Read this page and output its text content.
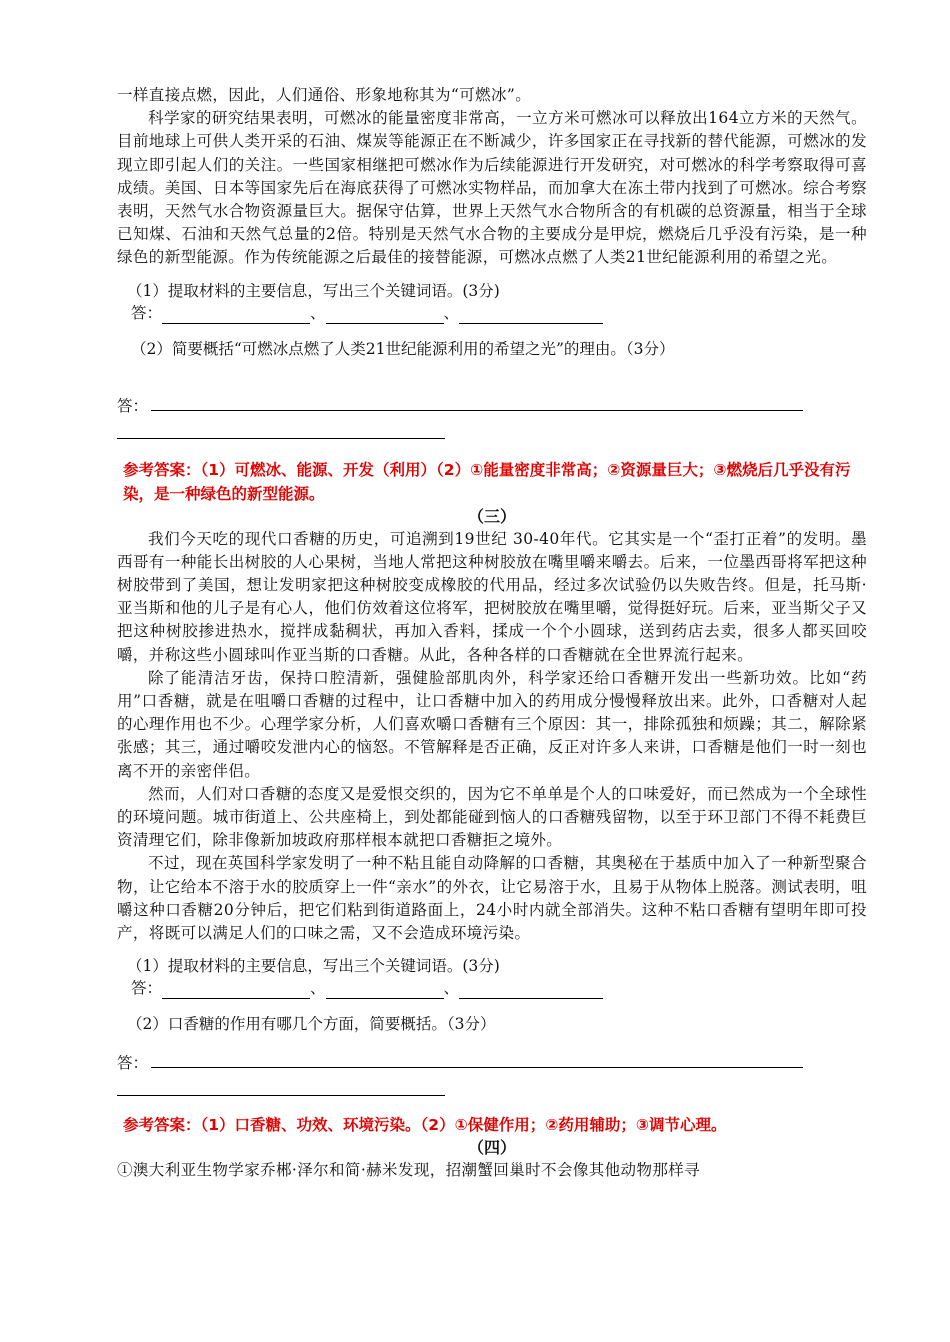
一样直接点燃，因此，人们通俗、形象地称其为“可燃冰”。

科学家的研究结果表明，可燃冰的能量密度非常高，一立方米可燃冰可以释放出164立方米的天然气。目前地球上可供人类开采的石油、煤炭等能源正在不断减少，许多国家正在寻找新的替代能源，可燃冰的发现立即引起人们的关注。一些国家相继把可燃冰作为后续能源进行开发研究，对可燃冰的科学考察取得可喜成绩。美国、日本等国家先后在海底获得了可燃冰实物样品，而加拿大在冻土带内找到了可燃冰。综合考察表明，天然气水合物资源量巨大。据保守估算，世界上天然气水合物所含的有机碳的总资源量，相当于全球已知煤、石油和天然气总量的2倍。特别是天然气水合物的主要成分是甲烷，燃烧后几乎没有污染，是一种绿色的新型能源。作为传统能源之后最佳的接替能源，可燃冰点燃了人类21世纪能源利用的希望之光。

（1）提取材料的主要信息，写出三个关键词语。(3分)

答：	、	、

（2）简要概括“可燃冰点燃了人类21世纪能源利用的希望之光”的理由。（3分）

答：

参考答案：（1）可燃冰、能源、开发（利用）（2）①能量密度非常高；②资源量巨大；③燃烧后几乎没有污染，是一种绿色的新型能源。

（三）

我们今天吃的现代口香糖的历史，可追溯到19世纪 30-40年代。它其实是一个“歪打正着”的发明。墨西哥有一种能长出树胶的人心果树，当地人常把这种树胶放在嘴里嚼来嚼去。后来，一位墨西哥将军把这种树胶带到了美国，想让发明家把这种树胶变成橡胶的代用品，经过多次试验仍以失败告终。但是，托马斯·亚当斯和他的儿子是有心人，他们仿效着这位将军，把树胶放在嘴里嚼，觉得挺好玩。后来，亚当斯父子又把这种树胶掺进热水，搅拌成黏稠状，再加入香料，揉成一个个小圆球，送到药店去卖，很多人都买回咬嚼，并称这些小圆球叫作亚当斯的口香糖。从此，各种各样的口香糖就在全世界流行起来。

除了能清洁牙齿，保持口腔清新，强健脸部肌肉外，科学家还给口香糖开发出一些新功效。比如“药用”口香糖，就是在咀嚼口香糖的过程中，让口香糖中加入的药用成分慢慢释放出来。此外，口香糖对人起的心理作用也不少。心理学家分析，人们喜欢嚼口香糖有三个原因：其一，排除孤独和烦躁；其二，解除紧张感；其三，通过嚼咬发泄内心的恼怒。不管解释是否正确，反正对许多人来讲，口香糖是他们一时一刻也离不开的亲密伴侣。

然而，人们对口香糖的态度又是爱恨交织的，因为它不单单是个人的口味爱好，而已然成为一个全球性的环境问题。城市街道上、公共座椅上，到处都能碰到恼人的口香糖残留物，以至于环卫部门不得不耗费巨资清理它们，除非像新加坡政府那样根本就把口香糖拒之境外。

不过，现在英国科学家发明了一种不粘且能自动降解的口香糖，其奥秘在于基质中加入了一种新型聚合物，让它给本不溶于水的胶质穿上一件“亲水”的外衣，让它易溶于水，且易于从物体上脱落。测试表明，咀嚼这种口香糖20分钟后，把它们粘到街道路面上，24小时内就全部消失。这种不粘口香糖有望明年即可投产，将既可以满足人们的口味之需，又不会造成环境污染。

（1）提取材料的主要信息，写出三个关键词语。(3分)

答：	、	、

（2）口香糖的作用有哪几个方面，简要概括。（3分）

答：

参考答案：（1）口香糖、功效、环境污染。（2）①保健作用；②药用辅助；③调节心理。

（四）

①澳大利亚生物学家乔郴·泽尔和简·赫米发现，招潮蟹回巢时不会像其他动物那样寻
